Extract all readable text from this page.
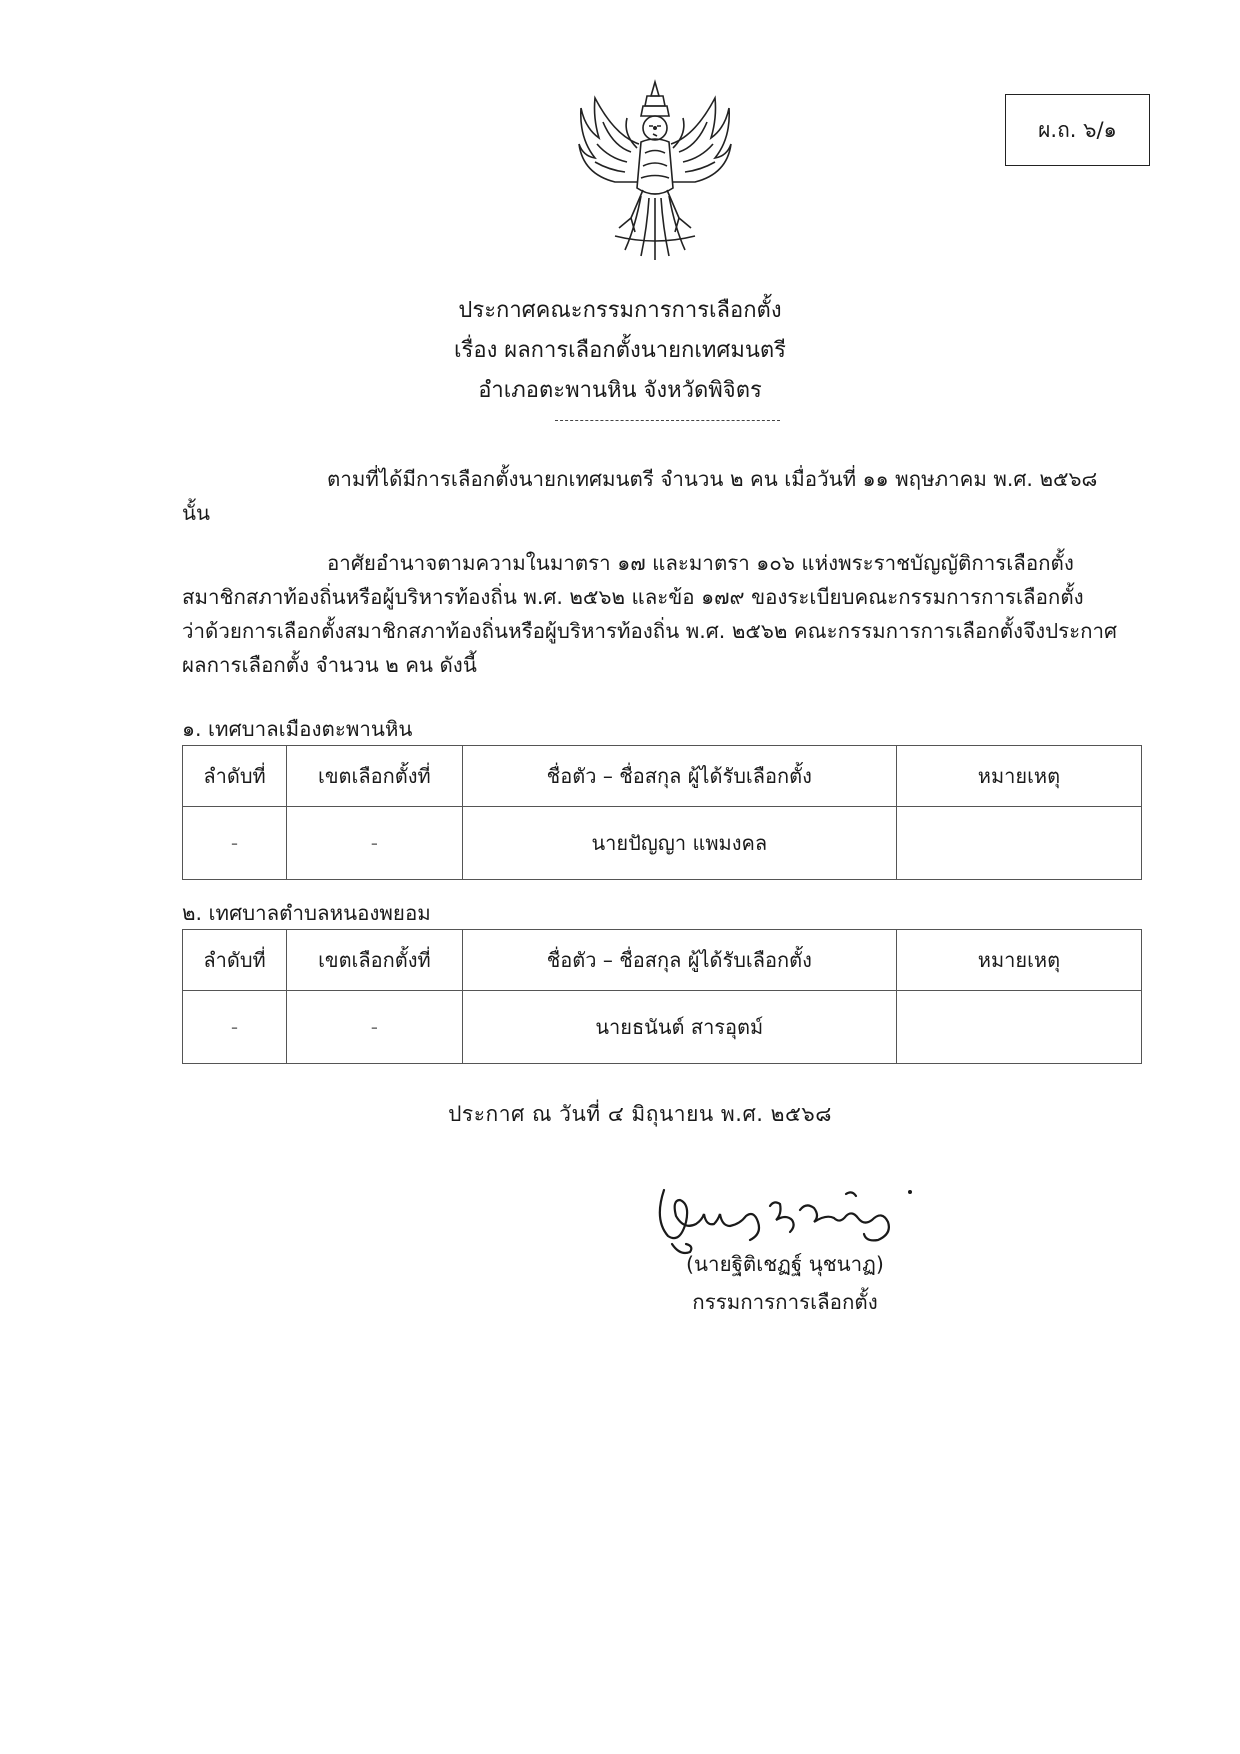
ผ.ถ. ๖/๑
ประกาศคณะกรรมการการเลือกตั้ง
เรื่อง ผลการเลือกตั้งนายกเทศมนตรี
อำเภอตะพานหิน จังหวัดพิจิตร
ตามที่ได้มีการเลือกตั้งนายกเทศมนตรี จำนวน ๒ คน เมื่อวันที่ ๑๑ พฤษภาคม พ.ศ. ๒๕๖๘
นั้น
อาศัยอำนาจตามความในมาตรา ๑๗ และมาตรา ๑๐๖ แห่งพระราชบัญญัติการเลือกตั้ง
สมาชิกสภาท้องถิ่นหรือผู้บริหารท้องถิ่น พ.ศ. ๒๕๖๒ และข้อ ๑๗๙ ของระเบียบคณะกรรมการการเลือกตั้ง
ว่าด้วยการเลือกตั้งสมาชิกสภาท้องถิ่นหรือผู้บริหารท้องถิ่น พ.ศ. ๒๕๖๒ คณะกรรมการการเลือกตั้งจึงประกาศ
ผลการเลือกตั้ง จำนวน ๒ คน ดังนี้
๑. เทศบาลเมืองตะพานหิน
ลำดับที่	เขตเลือกตั้งที่	ชื่อตัว – ชื่อสกุล ผู้ได้รับเลือกตั้ง	หมายเหตุ
-	-	นายปัญญา แพมงคล	
๒. เทศบาลตำบลหนองพยอม
ลำดับที่	เขตเลือกตั้งที่	ชื่อตัว – ชื่อสกุล ผู้ได้รับเลือกตั้ง	หมายเหตุ
-	-	นายธนันต์ สารอุตม์	
ประกาศ ณ วันที่ ๔ มิถุนายน พ.ศ. ๒๕๖๘
(นายฐิติเชฏฐ์ นุชนาฏ)
กรรมการการเลือกตั้ง
